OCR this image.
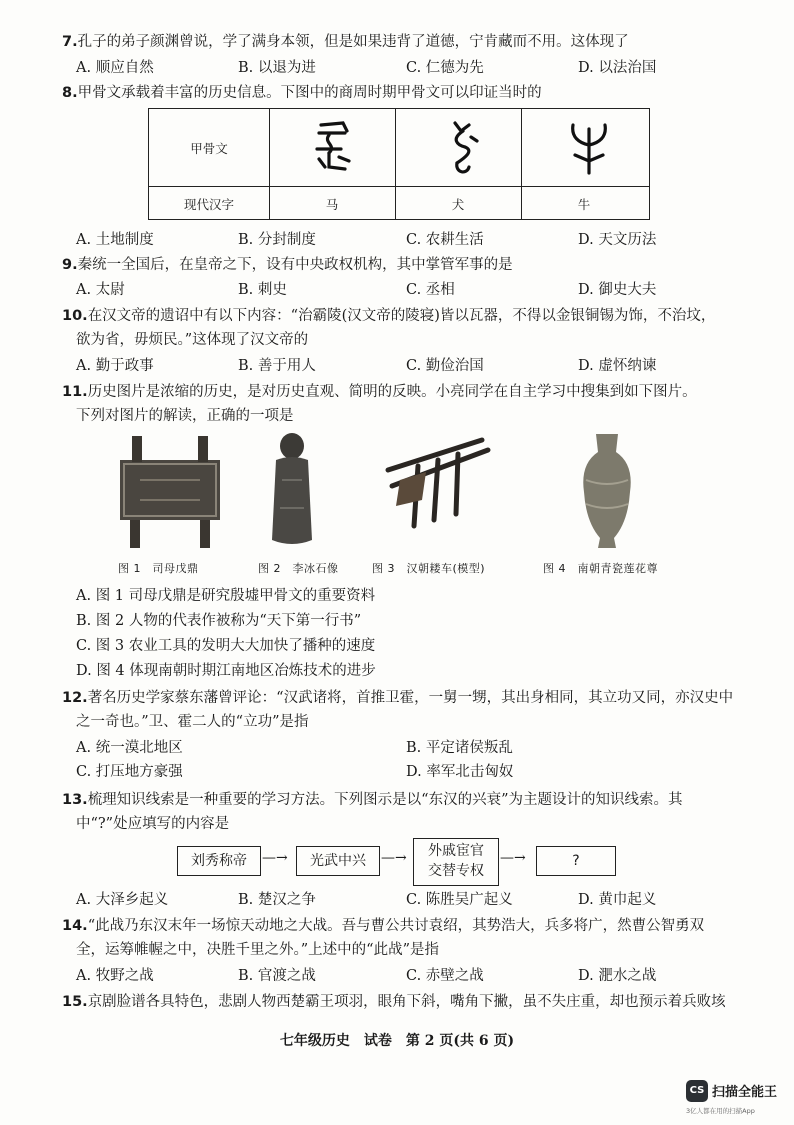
7.孔子的弟子颜渊曾说，学了满身本领，但是如果违背了道德，宁肯藏而不用。这体现了
A. 顺应自然	B. 以退为进	C. 仁德为先	D. 以法治国
8.甲骨文承载着丰富的历史信息。下图中的商周时期甲骨文可以印证当时的
甲骨文
现代汉字	马	犬	牛
A. 土地制度	B. 分封制度	C. 农耕生活	D. 天文历法
9.秦统一全国后，在皇帝之下，设有中央政权机构，其中掌管军事的是
A. 太尉	B. 刺史	C. 丞相	D. 御史大夫
10.在汉文帝的遗诏中有以下内容：“治霸陵(汉文帝的陵寝)皆以瓦器，不得以金银铜锡为饰，不治坟，
欲为省，毋烦民。”这体现了汉文帝的
A. 勤于政事	B. 善于用人	C. 勤俭治国	D. 虚怀纳谏
11.历史图片是浓缩的历史，是对历史直观、简明的反映。小亮同学在自主学习中搜集到如下图片。
下列对图片的解读，正确的一项是
图 1　司母戊鼎	图 2　李冰石像	图 3　汉朝耧车(模型)	图 4　南朝青瓷莲花尊
A. 图 1 司母戊鼎是研究殷墟甲骨文的重要资料
B. 图 2 人物的代表作被称为“天下第一行书”
C. 图 3 农业工具的发明大大加快了播种的速度
D. 图 4 体现南朝时期江南地区冶炼技术的进步
12.著名历史学家蔡东藩曾评论：“汉武诸将，首推卫霍，一舅一甥，其出身相同，其立功又同，亦汉史中
之一奇也。”卫、霍二人的“立功”是指
A. 统一漠北地区	B. 平定诸侯叛乱
C. 打压地方豪强	D. 率军北击匈奴
13.梳理知识线索是一种重要的学习方法。下列图示是以“东汉的兴衰”为主题设计的知识线索。其
中“?”处应填写的内容是
刘秀称帝	—→	光武中兴	—→	外戚宦官
交替专权
—→	?
A. 大泽乡起义	B. 楚汉之争	C. 陈胜吴广起义	D. 黄巾起义
14.“此战乃东汉末年一场惊天动地之大战。吾与曹公共讨袁绍，其势浩大，兵多将广，然曹公智勇双
全，运筹帷幄之中，决胜千里之外。”上述中的“此战”是指
A. 牧野之战	B. 官渡之战	C. 赤壁之战	D. 淝水之战
15.京剧脸谱各具特色，悲剧人物西楚霸王项羽，眼角下斜，嘴角下撇，虽不失庄重，却也预示着兵败垓
七年级历史　试卷　第 2 页(共 6 页)
CS 扫描全能王
3亿人都在用的扫描App
